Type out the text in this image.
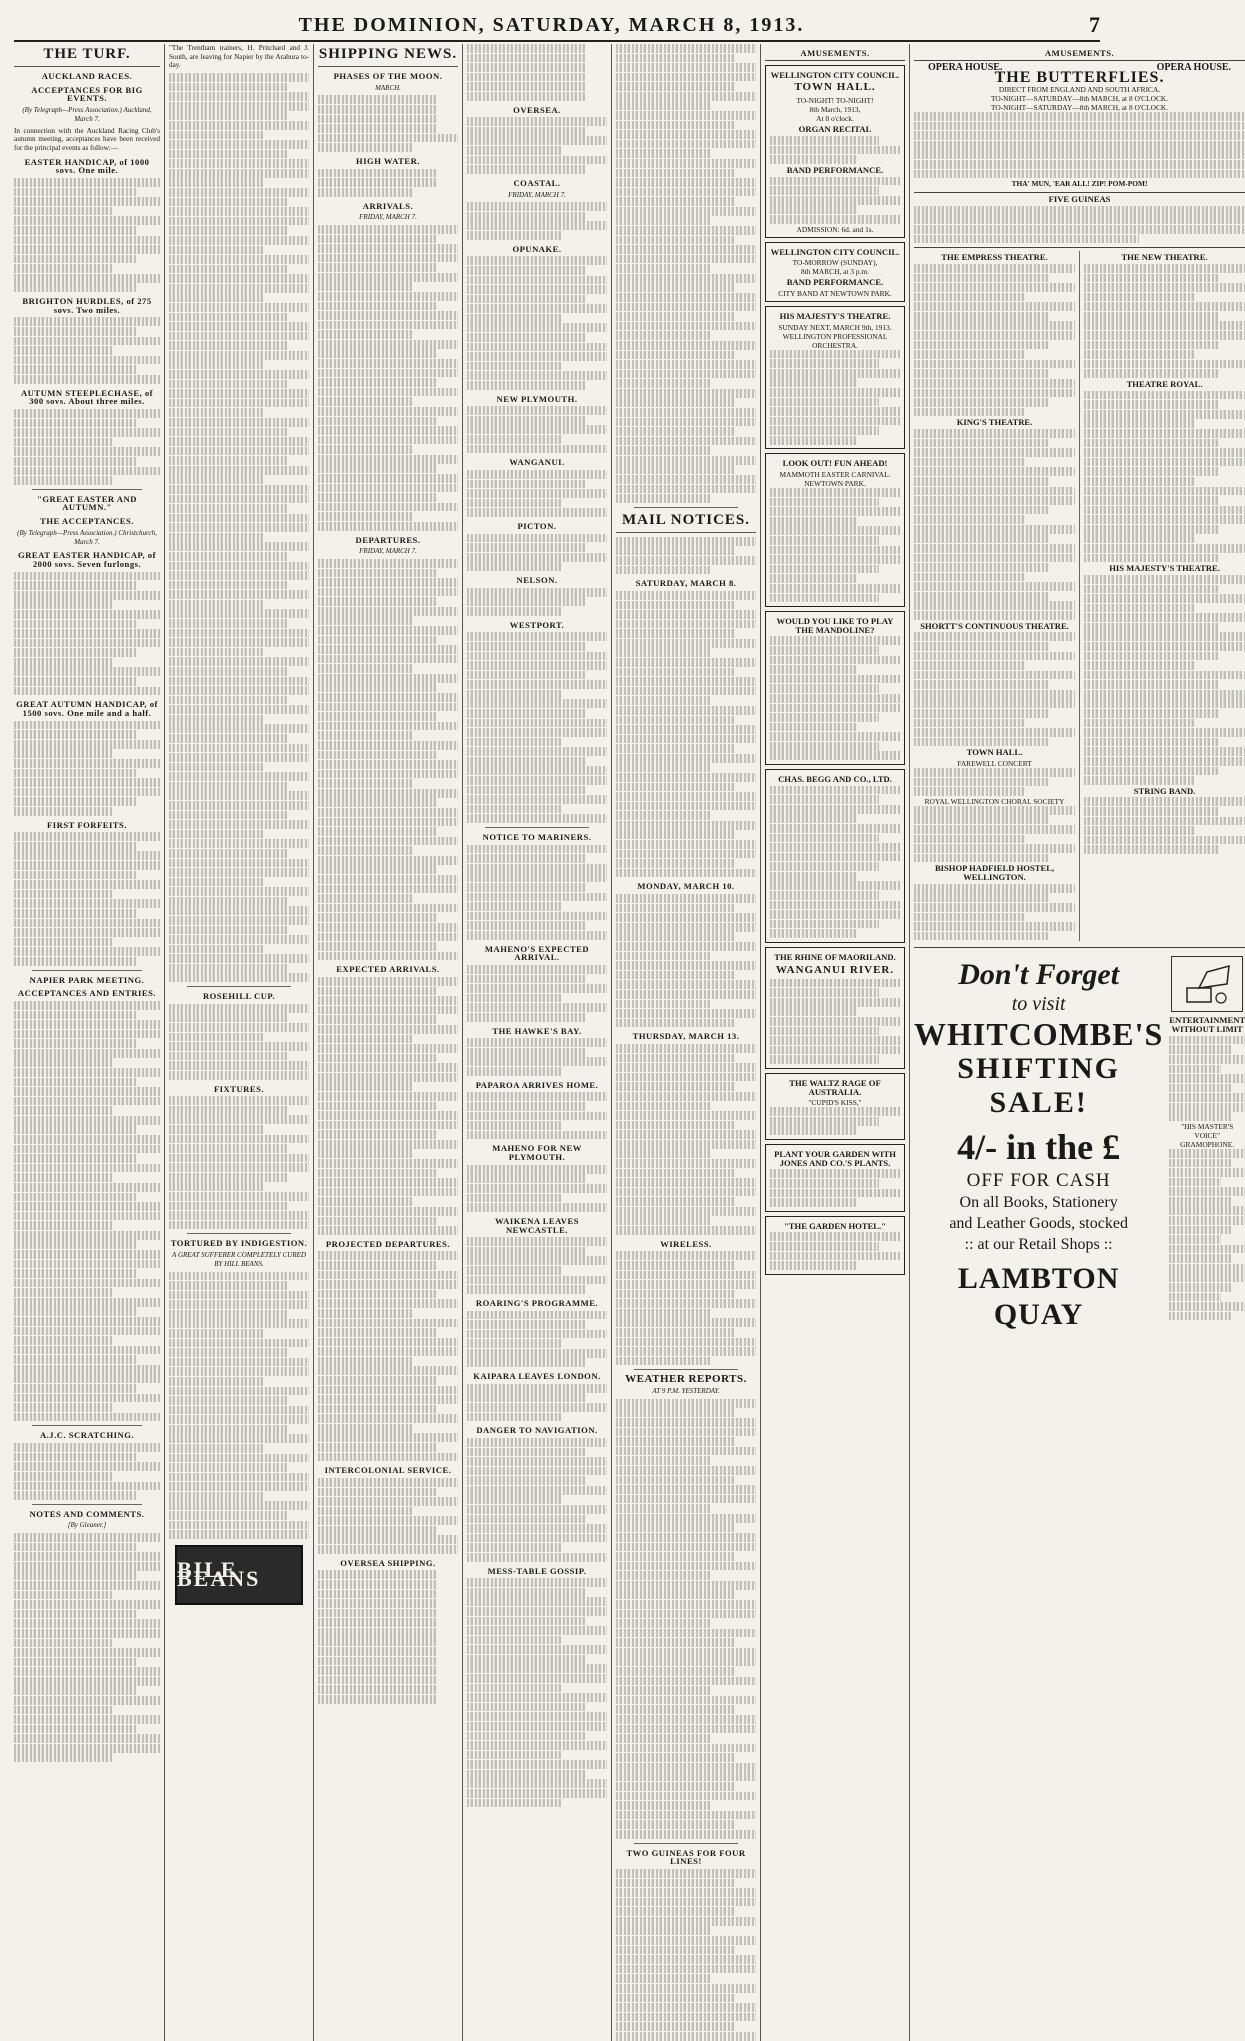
THE DOMINION, SATURDAY, MARCH 8, 1913.	7
THE TURF.
AUCKLAND RACES.
ACCEPTANCES FOR BIG EVENTS.
(By Telegraph—Press Association.) Auckland, March 7.

In connection with the Auckland Racing Club's autumn meeting, acceptances have been received for the principal events as follow:—

EASTER HANDICAP, of 1000 sovs. One mile.
BRIGHTON HURDLES, of 275 sovs. Two miles.
AUTUMN STEEPLECHASE, of 300 sovs. About three miles.
"GREAT EASTER AND AUTUMN."
THE ACCEPTANCES.
(By Telegraph—Press Association.) Christchurch, March 7.
GREAT EASTER HANDICAP, of 2000 sovs. Seven furlongs.
GREAT AUTUMN HANDICAP, of 1500 sovs. One mile and a half.
FIRST FORFEITS.
NAPIER PARK MEETING.
ACCEPTANCES AND ENTRIES.
A.J.C. SCRATCHING.
NOTES AND COMMENTS.
[By Gleaner.]

"The Trentham trainers, H. Pritchard and J. South, are leaving for Napier by the Arahura to-day.

ROSEHILL CUP.
FIXTURES.
TORTURED BY INDIGESTION.
A GREAT SUFFERER COMPLETELY CURED BY HILL BEANS.
BILE BEANS
SHIPPING NEWS.
PHASES OF THE MOON.
MARCH.
HIGH WATER.
ARRIVALS.
FRIDAY, MARCH 7.
DEPARTURES.
FRIDAY, MARCH 7.
EXPECTED ARRIVALS.
PROJECTED DEPARTURES.
INTERCOLONIAL SERVICE.
OVERSEA SHIPPING.
OVERSEA.
COASTAL.
FRIDAY, MARCH 7.
OPUNAKE.
NEW PLYMOUTH.
WANGANUI.
PICTON.
NELSON.
WESTPORT.
NOTICE TO MARINERS.
MAHENO'S EXPECTED ARRIVAL.
THE HAWKE'S BAY.
PAPAROA ARRIVES HOME.
MAHENO FOR NEW PLYMOUTH.
WAIKENA LEAVES NEWCASTLE.
ROARING'S PROGRAMME.
KAIPARA LEAVES LONDON.
DANGER TO NAVIGATION.
MESS-TABLE GOSSIP.
MAIL NOTICES.
SATURDAY, MARCH 8.
MONDAY, MARCH 10.
THURSDAY, MARCH 13.
WIRELESS.
WEATHER REPORTS.
AT 9 P.M. YESTERDAY.
TWO GUINEAS FOR FOUR LINES!
AMUSEMENTS.
WELLINGTON CITY COUNCIL.
TOWN HALL.
TO-NIGHT! TO-NIGHT!
8th March, 1913,
At 8 o'clock.
ORGAN RECITAL
BAND PERFORMANCE.
ADMISSION: 6d. and 1s.
WELLINGTON CITY COUNCIL.
TO-MORROW (SUNDAY),
8th MARCH, at 3 p.m.
BAND PERFORMANCE.
CITY BAND AT NEWTOWN PARK.
HIS MAJESTY'S THEATRE.
SUNDAY NEXT, MARCH 9th, 1913.
WELLINGTON PROFESSIONAL ORCHESTRA.
LOOK OUT! FUN AHEAD!
MAMMOTH EASTER CARNIVAL.
NEWTOWN PARK.
WOULD YOU LIKE TO PLAY THE MANDOLINE?
CHAS. BEGG AND CO., LTD.
THE RHINE OF MAORILAND.
WANGANUI RIVER.
THE WALTZ RAGE OF AUSTRALIA.
"CUPID'S KISS,"
PLANT YOUR GARDEN WITH JONES AND CO.'S PLANTS.
"THE GARDEN HOTEL."
AMUSEMENTS.
OPERA HOUSE.	OPERA HOUSE.
THE BUTTERFLIES.
DIRECT FROM ENGLAND AND SOUTH AFRICA.
TO-NIGHT—SATURDAY—8th MARCH, at 8 O'CLOCK.
TO-NIGHT—SATURDAY—8th MARCH, at 8 O'CLOCK.
THA' MUN, 'EAR ALL! ZIP! POM-POM!
FIVE GUINEAS
THE EMPRESS THEATRE.
KING'S THEATRE.
SHORTT'S CONTINUOUS THEATRE.
TOWN HALL.
FAREWELL CONCERT
ROYAL WELLINGTON CHORAL SOCIETY
BISHOP HADFIELD HOSTEL, WELLINGTON.
THE NEW THEATRE.
THEATRE ROYAL.
HIS MAJESTY'S THEATRE.
STRING BAND.
Don't Forget
to visit
WHITCOMBE'S
SHIFTING SALE!
4/- in the £
OFF FOR CASH
On all Books, Stationery
and Leather Goods, stocked
:: at our Retail Shops ::
LAMBTON QUAY
ENTERTAINMENT WITHOUT LIMIT
"HIS MASTER'S VOICE" GRAMOPHONE.
